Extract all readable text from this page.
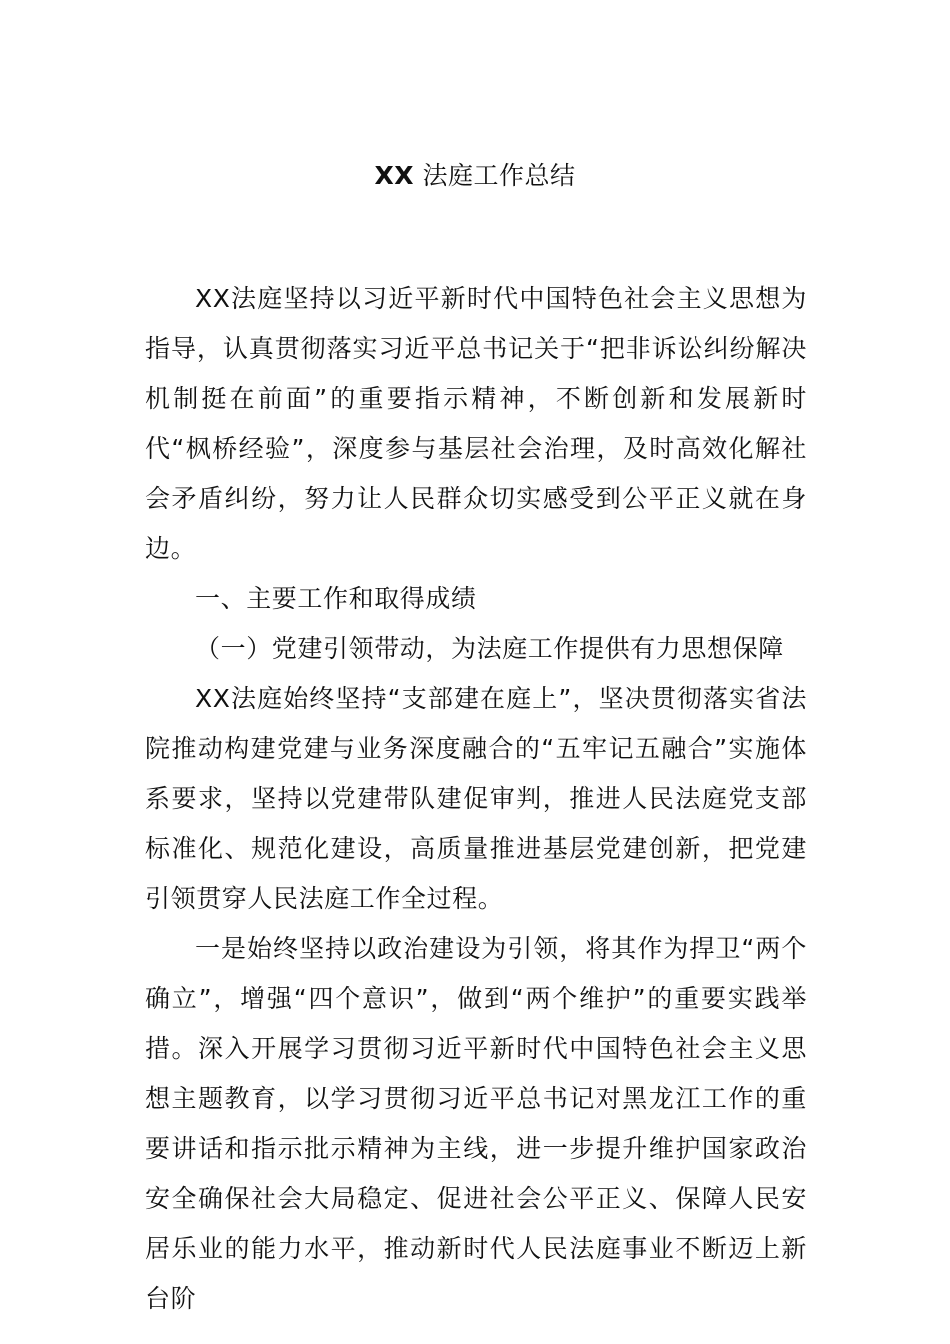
XX 法庭工作总结

XX法庭坚持以习近平新时代中国特色社会主义思想为指导，认真贯彻落实习近平总书记关于“把非诉讼纠纷解决机制挺在前面”的重要指示精神，不断创新和发展新时代“枫桥经验”，深度参与基层社会治理，及时高效化解社会矛盾纠纷，努力让人民群众切实感受到公平正义就在身边。

一、主要工作和取得成绩

（一）党建引领带动，为法庭工作提供有力思想保障

XX法庭始终坚持“支部建在庭上”，坚决贯彻落实省法院推动构建党建与业务深度融合的“五牢记五融合”实施体系要求，坚持以党建带队建促审判，推进人民法庭党支部标准化、规范化建设，高质量推进基层党建创新，把党建引领贯穿人民法庭工作全过程。

一是始终坚持以政治建设为引领，将其作为捍卫“两个确立”，增强“四个意识”，做到“两个维护”的重要实践举措。深入开展学习贯彻习近平新时代中国特色社会主义思想主题教育，以学习贯彻习近平总书记对黑龙江工作的重要讲话和指示批示精神为主线，进一步提升维护国家政治安全确保社会大局稳定、促进社会公平正义、保障人民安居乐业的能力水平，推动新时代人民法庭事业不断迈上新台阶
